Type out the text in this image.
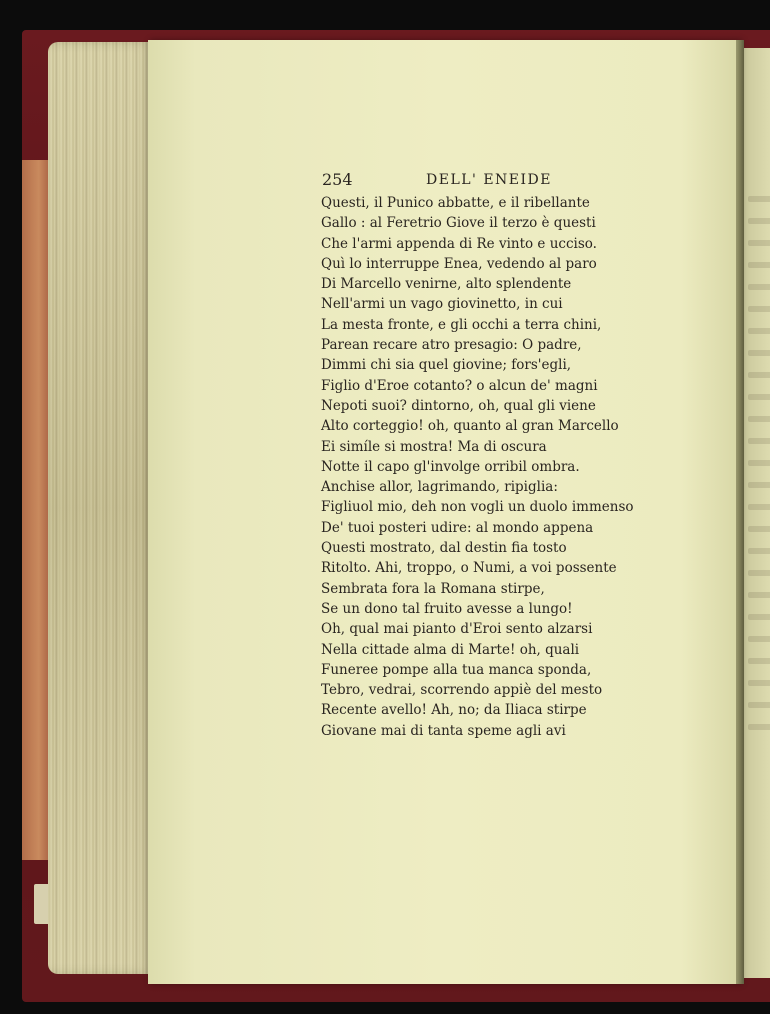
254	DELL' ENEIDE
Questi, il Punico abbatte, e il ribellante
Gallo : al Feretrio Giove il terzo è questi
Che l'armi appenda di Re vinto e ucciso.
Quì lo interruppe Enea, vedendo al paro
Di Marcello venirne, alto splendente
Nell'armi un vago giovinetto, in cui
La mesta fronte, e gli occhi a terra chini,
Parean recare atro presagio: O padre,
Dimmi chi sia quel giovine; fors'egli,
Figlio d'Eroe cotanto? o alcun de' magni
Nepoti suoi? dintorno, oh, qual gli viene
Alto corteggio! oh, quanto al gran Marcello
Ei simíle si mostra! Ma di oscura
Notte il capo gl'involge orribil ombra.
Anchise allor, lagrimando, ripiglia:
Figliuol mio, deh non vogli un duolo immenso
De' tuoi posteri udire: al mondo appena
Questi mostrato, dal destin fia tosto
Ritolto. Ahi, troppo, o Numi, a voi possente
Sembrata fora la Romana stirpe,
Se un dono tal fruito avesse a lungo!
Oh, qual mai pianto d'Eroi sento alzarsi
Nella cittade alma di Marte! oh, quali
Funeree pompe alla tua manca sponda,
Tebro, vedrai, scorrendo appiè del mesto
Recente avello! Ah, no; da Iliaca stirpe
Giovane mai di tanta speme agli avi
